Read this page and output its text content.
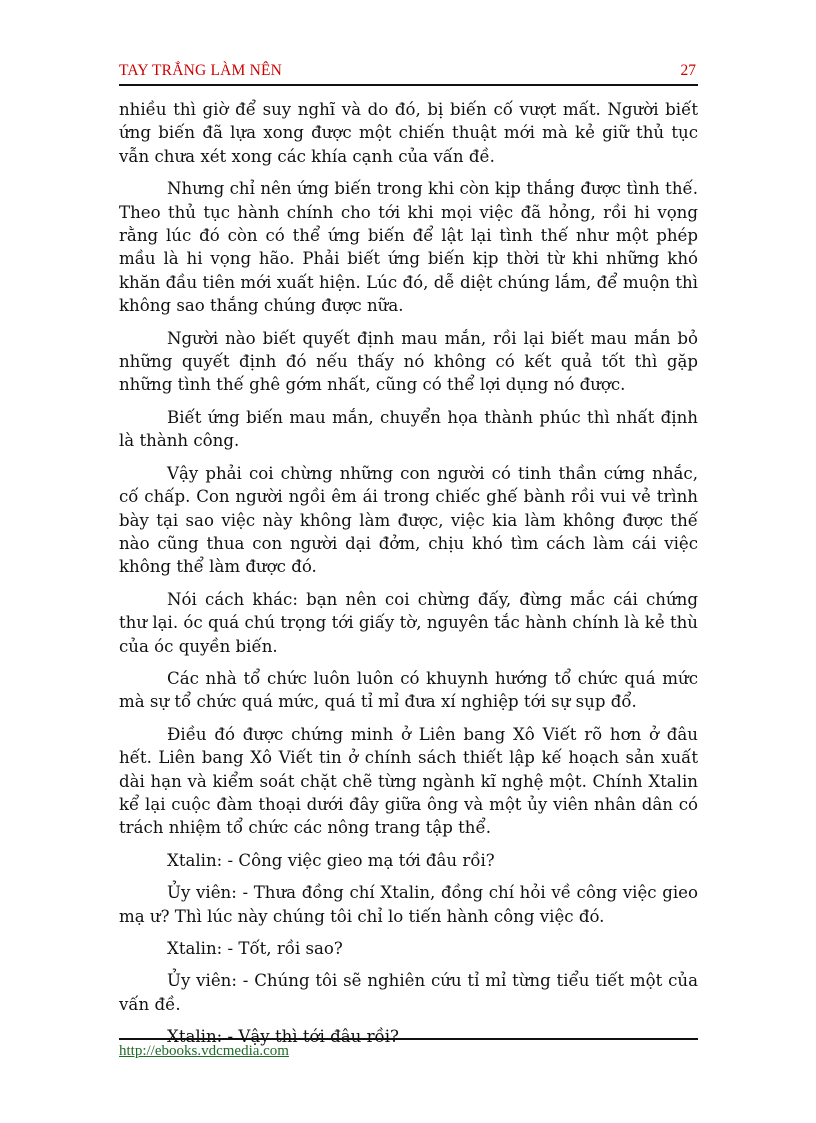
TAY TRẮNG LÀM NÊN	27

nhiều thì giờ để suy nghĩ và do đó, bị biến cố vượt mất. Người biết ứng biến đã lựa xong được một chiến thuật mới mà kẻ giữ thủ tục vẫn chưa xét xong các khía cạnh của vấn đề.

Nhưng chỉ nên ứng biến trong khi còn kịp thắng được tình thế. Theo thủ tục hành chính cho tới khi mọi việc đã hỏng, rồi hi vọng rằng lúc đó còn có thể ứng biến để lật lại tình thế như một phép mầu là hi vọng hão. Phải biết ứng biến kịp thời từ khi những khó khăn đầu tiên mới xuất hiện. Lúc đó, dễ diệt chúng lắm, để muộn thì không sao thắng chúng được nữa.

Người nào biết quyết định mau mắn, rồi lại biết mau mắn bỏ những quyết định đó nếu thấy nó không có kết quả tốt thì gặp những tình thế ghê gớm nhất, cũng có thể lợi dụng nó được.

Biết ứng biến mau mắn, chuyển họa thành phúc thì nhất định là thành công.

Vậy phải coi chừng những con người có tinh thần cứng nhắc, cố chấp. Con người ngồi êm ái trong chiếc ghế bành rồi vui vẻ trình bày tại sao việc này không làm được, việc kia làm không được thế nào cũng thua con người dại đởm, chịu khó tìm cách làm cái việc không thể làm được đó.

Nói cách khác: bạn nên coi chừng đấy, đừng mắc cái chứng thư lại. óc quá chú trọng tới giấy tờ, nguyên tắc hành chính là kẻ thù của óc quyền biến.

Các nhà tổ chức luôn luôn có khuynh hướng tổ chức quá mức mà sự tổ chức quá mức, quá tỉ mỉ đưa xí nghiệp tới sự sụp đổ.

Điều đó được chứng minh ở Liên bang Xô Viết rõ hơn ở đâu hết. Liên bang Xô Viết tin ở chính sách thiết lập kế hoạch sản xuất dài hạn và kiểm soát chặt chẽ từng ngành kĩ nghệ một. Chính Xtalin kể lại cuộc đàm thoại dưới đây giữa ông và một ủy viên nhân dân có trách nhiệm tổ chức các nông trang tập thể.

Xtalin: - Công việc gieo mạ tới đâu rồi?

Ủy viên: - Thưa đồng chí Xtalin, đồng chí hỏi về công việc gieo mạ ư? Thì lúc này chúng tôi chỉ lo tiến hành công việc đó.

Xtalin: - Tốt, rồi sao?

Ủy viên: - Chúng tôi sẽ nghiên cứu tỉ mỉ từng tiểu tiết một của vấn đề.

Xtalin: - Vậy thì tới đâu rồi?

http://ebooks.vdcmedia.com
